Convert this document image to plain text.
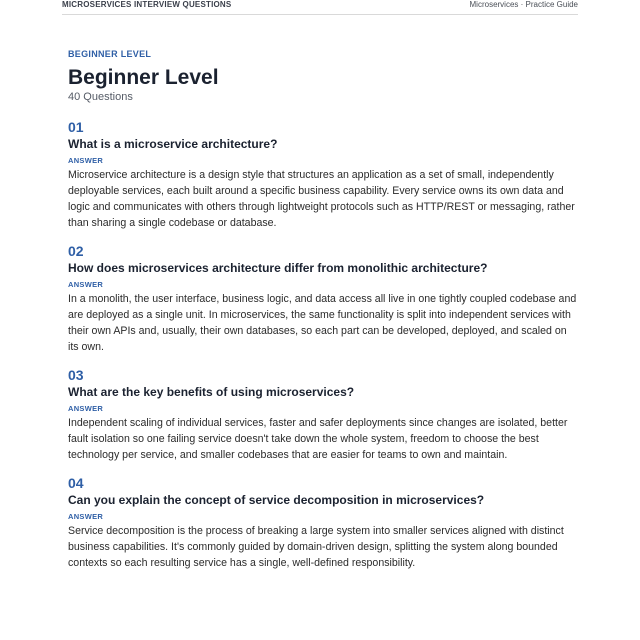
MICROSERVICES INTERVIEW QUESTIONS	Microservices · Practice Guide

BEGINNER LEVEL

Beginner Level

40 Questions

01

What is a microservice architecture?

ANSWER

Microservice architecture is a design style that structures an application as a set of small, independently deployable services, each built around a specific business capability. Every service owns its own data and logic and communicates with others through lightweight protocols such as HTTP/REST or messaging, rather than sharing a single codebase or database.

02

How does microservices architecture differ from monolithic architecture?

ANSWER

In a monolith, the user interface, business logic, and data access all live in one tightly coupled codebase and are deployed as a single unit. In microservices, the same functionality is split into independent services with their own APIs and, usually, their own databases, so each part can be developed, deployed, and scaled on its own.

03

What are the key benefits of using microservices?

ANSWER

Independent scaling of individual services, faster and safer deployments since changes are isolated, better fault isolation so one failing service doesn't take down the whole system, freedom to choose the best technology per service, and smaller codebases that are easier for teams to own and maintain.

04

Can you explain the concept of service decomposition in microservices?

ANSWER

Service decomposition is the process of breaking a large system into smaller services aligned with distinct business capabilities. It's commonly guided by domain-driven design, splitting the system along bounded contexts so each resulting service has a single, well-defined responsibility.
